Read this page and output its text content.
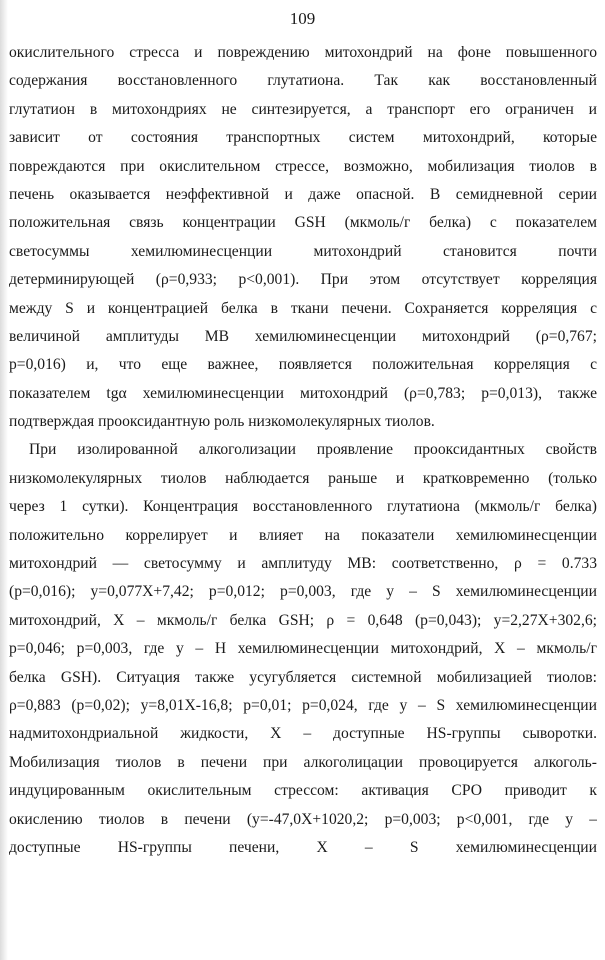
109
окислительного стресса и повреждению митохондрий на фоне повышенного
содержания восстановленного глутатиона. Так как восстановленный
глутатион в митохондриях не синтезируется, а транспорт его ограничен и
зависит от состояния транспортных систем митохондрий, которые
повреждаются при окислительном стрессе, возможно, мобилизация тиолов в
печень оказывается неэффективной и даже опасной. В семидневной серии
положительная связь концентрации GSH (мкмоль/г белка) с показателем
светосуммы хемилюминесценции митохондрий становится почти
детерминирующей (ρ=0,933; p<0,001). При этом отсутствует корреляция
между S и концентрацией белка в ткани печени. Сохраняется корреляция с
величиной амплитуды МВ хемилюминесценции митохондрий (ρ=0,767;
p=0,016) и, что еще важнее, появляется положительная корреляция с
показателем tgα хемилюминесценции митохондрий (ρ=0,783; p=0,013), также
подтверждая прооксидантную роль низкомолекулярных тиолов.
При изолированной алкоголизации проявление прооксидантных свойств
низкомолекулярных тиолов наблюдается раньше и кратковременно (только
через 1 сутки). Концентрация восстановленного глутатиона (мкмоль/г белка)
положительно коррелирует и влияет на показатели хемилюминесценции
митохондрий — светосумму и амплитуду МВ: соответственно, ρ = 0.733
(p=0,016); y=0,077X+7,42; p=0,012; p=0,003, где y – S хемилюминесценции
митохондрий, X – мкмоль/г белка GSH; ρ = 0,648 (p=0,043); y=2,27X+302,6;
p=0,046; p=0,003, где y – H хемилюминесценции митохондрий, X – мкмоль/г
белка GSH). Ситуация также усугубляется системной мобилизацией тиолов:
ρ=0,883 (p=0,02); y=8,01X-16,8; p=0,01; p=0,024, где y – S хемилюминесценции
надмитохондриальной жидкости, X – доступные HS-группы сыворотки.
Мобилизация тиолов в печени при алкоголицации провоцируется алкоголь-
индуцированным окислительным стрессом: активация СРО приводит к
окислению тиолов в печени (y=-47,0X+1020,2; p=0,003; p<0,001, где y –
доступные HS-группы печени, X – S хемилюминесценции
